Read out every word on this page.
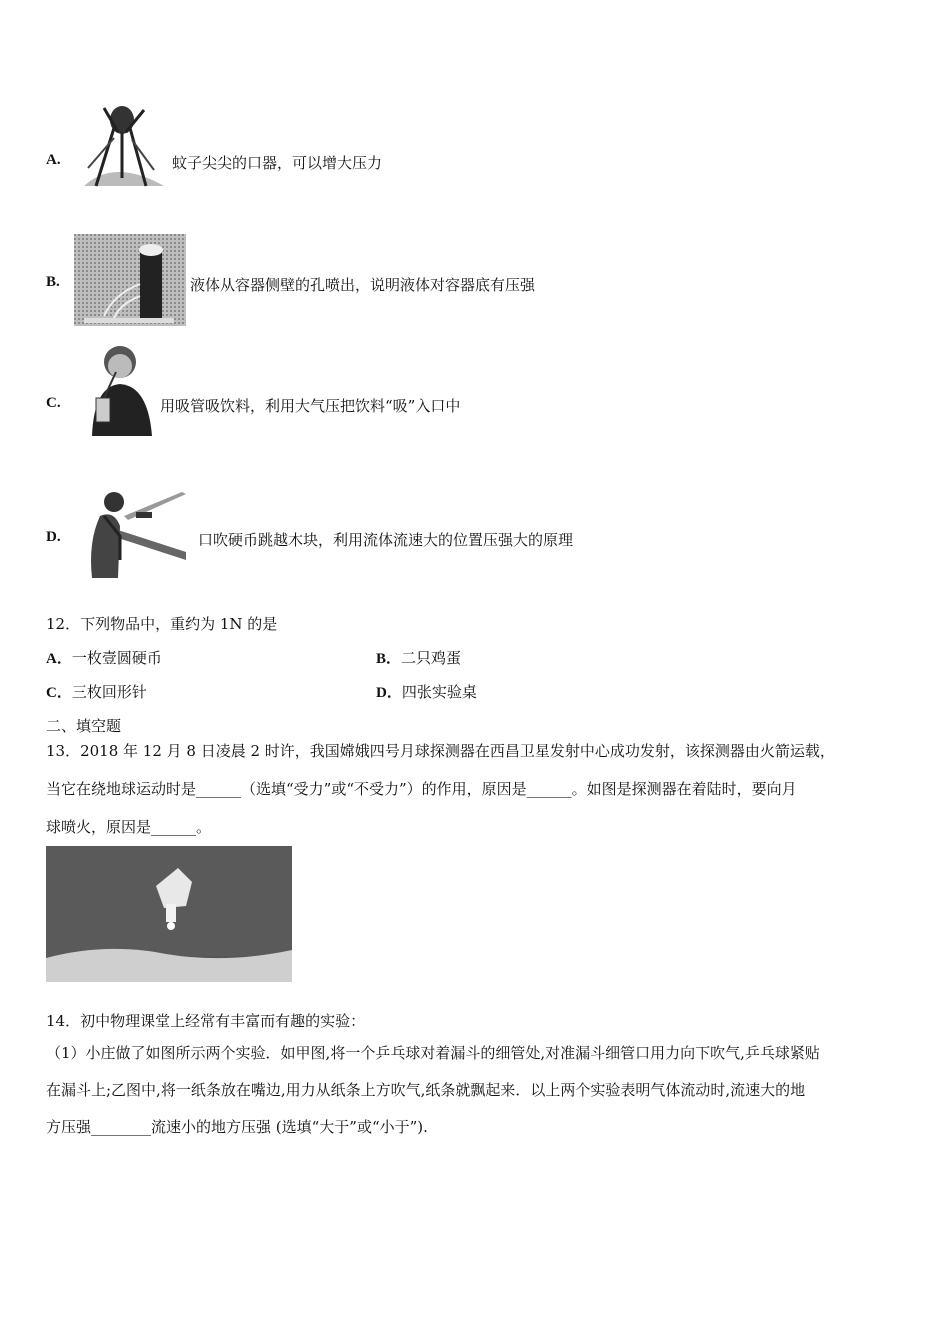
A.	蚊子尖尖的口器，可以增大压力
B.	液体从容器侧壁的孔喷出，说明液体对容器底有压强
C.	用吸管吸饮料，利用大气压把饮料“吸”入口中
D.	口吹硬币跳越木块，利用流体流速大的位置压强大的原理
12．下列物品中，重约为 1N 的是
A．一枚壹圆硬币	B．二只鸡蛋
C．三枚回形针	D．四张实验桌
二、填空题
13．2018 年 12 月 8 日凌晨 2 时许，我国嫦娥四号月球探测器在西昌卫星发射中心成功发射，该探测器由火箭运载，
当它在绕地球运动时是______（选填“受力”或“不受力”）的作用，原因是______。如图是探测器在着陆时，要向月
球喷火，原因是______。
14．初中物理课堂上经常有丰富而有趣的实验：
（1）小庄做了如图所示两个实验．如甲图,将一个乒乓球对着漏斗的细管处,对准漏斗细管口用力向下吹气,乒乓球紧贴
在漏斗上;乙图中,将一纸条放在嘴边,用力从纸条上方吹气,纸条就飘起来．以上两个实验表明气体流动时,流速大的地
方压强________流速小的地方压强 (选填“大于”或“小于”).
